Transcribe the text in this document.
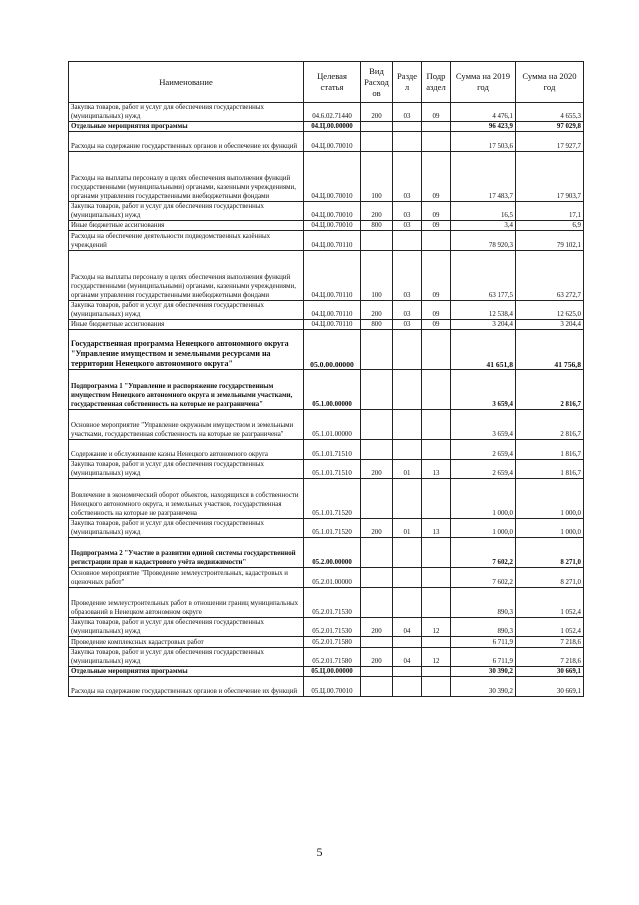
Наименование	Целевая статья	Вид Расход ов	Разде л	Подр аздел	Сумма на 2019 год	Сумма на 2020 год
Закупка товаров, работ и услуг для обеспечения государственных (муниципальных) нужд	04.6.02.71440	200	03	09	4 476,1	4 655,3
Отдельные мероприятия программы	04.Ц.00.00000				96 423,9	97 029,8
Расходы на содержание государственных органов и обеспечение их функций	04.Ц.00.70010				17 503,6	17 927,7
Расходы на выплаты персоналу в целях обеспечения выполнения функций государственными (муниципальными) органами, казенными учреждениями, органами управления государственными внебюджетными фондами	04.Ц.00.70010	100	03	09	17 483,7	17 903,7
Закупка товаров, работ и услуг для обеспечения государственных (муниципальных) нужд	04.Ц.00.70010	200	03	09	16,5	17,1
Иные бюджетные ассигнования	04.Ц.00.70010	800	03	09	3,4	6,9
Расходы на обеспечение деятельности подведомственных казённых учреждений	04.Ц.00.70110				78 920,3	79 102,1
Расходы на выплаты персоналу в целях обеспечения выполнения функций государственными (муниципальными) органами, казенными учреждениями, органами управления государственными внебюджетными фондами	04.Ц.00.70110	100	03	09	63 177,5	63 272,7
Закупка товаров, работ и услуг для обеспечения государственных (муниципальных) нужд	04.Ц.00.70110	200	03	09	12 538,4	12 625,0
Иные бюджетные ассигнования	04.Ц.00.70110	800	03	09	3 204,4	3 204,4
Государственная программа Ненецкого автономного округа "Управление имуществом и земельными ресурсами на территории Ненецкого автономного округа"	05.0.00.00000				41 651,8	41 756,8
Подпрограмма 1 "Управление и распоряжение государственным имуществом Ненецкого автономного округа и земельными участками, государственная собственность на которые не разграничена"	05.1.00.00000				3 659,4	2 816,7
Основное мероприятие "Управление окружным имуществом и земельными участками, государственная собственность на которые не разграничена"	05.1.01.00000				3 659,4	2 816,7
Содержание и обслуживание казны Ненецкого автономного округа	05.1.01.71510				2 659,4	1 816,7
Закупка товаров, работ и услуг для обеспечения государственных (муниципальных) нужд	05.1.01.71510	200	01	13	2 659,4	1 816,7
Вовлечение в экономический оборот объектов, находящихся в собственности Ненецкого автономного округа, и земельных участков, государственная собственность на которые не разграничена	05.1.01.71520				1 000,0	1 000,0
Закупка товаров, работ и услуг для обеспечения государственных (муниципальных) нужд	05.1.01.71520	200	01	13	1 000,0	1 000,0
Подпрограмма 2 "Участие в развитии единой системы государственной регистрации прав и кадастрового учёта недвижимости"	05.2.00.00000				7 602,2	8 271,0
Основное мероприятие "Проведение землеустроительных, кадастровых и оценочных работ"	05.2.01.00000				7 602,2	8 271,0
Проведение землеустроительных работ в отношении границ муниципальных образований в Ненецком автономном округе	05.2.01.71530				890,3	1 052,4
Закупка товаров, работ и услуг для обеспечения государственных (муниципальных) нужд	05.2.01.71530	200	04	12	890,3	1 052,4
Проведение комплексных кадастровых работ	05.2.01.71580				6 711,9	7 218,6
Закупка товаров, работ и услуг для обеспечения государственных (муниципальных) нужд	05.2.01.71580	200	04	12	6 711,9	7 218,6
Отдельные мероприятия программы	05.Ц.00.00000				30 390,2	30 669,1
Расходы на содержание государственных органов и обеспечение их функций	05.Ц.00.70010				30 390,2	30 669,1
5
